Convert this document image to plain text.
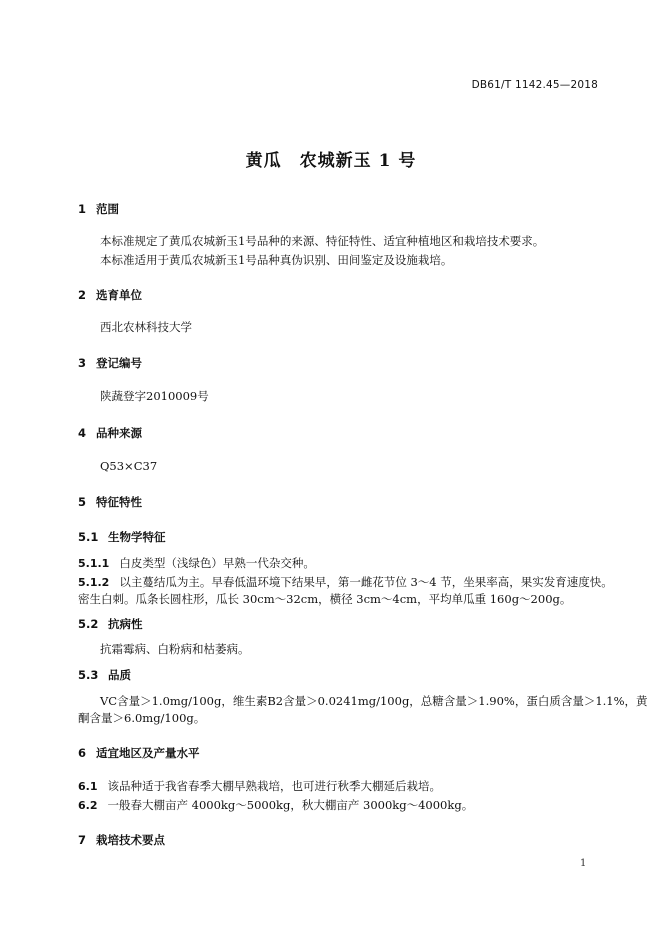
DB61/T 1142.45—2018
黄瓜　农城新玉 1 号
1 范围
本标准规定了黄瓜农城新玉1号品种的来源、特征特性、适宜种植地区和栽培技术要求。
本标准适用于黄瓜农城新玉1号品种真伪识别、田间鉴定及设施栽培。
2 选育单位
西北农林科技大学
3 登记编号
陕蔬登字2010009号
4 品种来源
Q53×C37
5 特征特性
5.1 生物学特征
5.1.1 白皮类型（浅绿色）早熟一代杂交种。
5.1.2 以主蔓结瓜为主。早春低温环境下结果早，第一雌花节位 3～4 节，坐果率高，果实发育速度快。
密生白刺。瓜条长圆柱形，瓜长 30cm～32cm，横径 3cm～4cm，平均单瓜重 160g～200g。
5.2 抗病性
抗霜霉病、白粉病和枯萎病。
5.3 品质
VC含量＞1.0mg/100g，维生素B2含量＞0.0241mg/100g，总糖含量＞1.90%，蛋白质含量＞1.1%，黄
酮含量＞6.0mg/100g。
6 适宜地区及产量水平
6.1 该品种适于我省春季大棚早熟栽培，也可进行秋季大棚延后栽培。
6.2 一般春大棚亩产 4000kg～5000kg，秋大棚亩产 3000kg～4000kg。
7 栽培技术要点
1
